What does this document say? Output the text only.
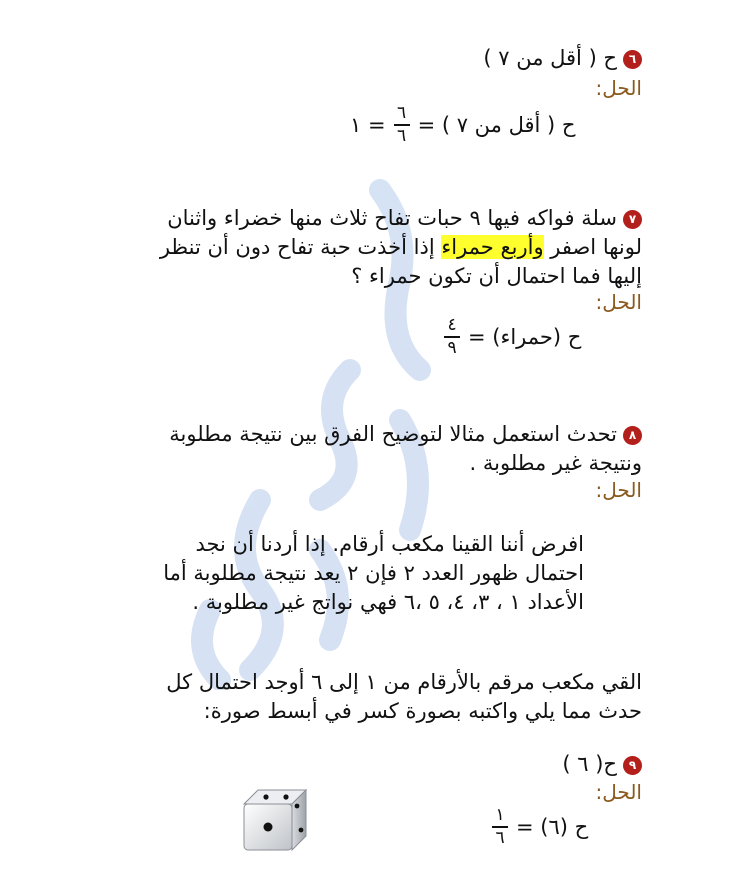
٦ح ( أقل من ٧ )
الحل:
ح ( أقل من ٧ ) =
$\frac{٦}{٦}$
= ١
٧سلة فواكه فيها ٩ حبات تفاح ثلاث منها خضراء واثنان
لونها اصفر وأربع حمراء إذا أخذت حبة تفاح دون أن تنظر
إليها فما احتمال أن تكون حمراء ؟
الحل:
ح (حمراء) =
$\frac{٤}{٩}$
٨تحدث استعمل مثالا لتوضيح الفرق بين نتيجة مطلوبة
ونتيجة غير مطلوبة .
الحل:
افرض أننا القينا مكعب أرقام. إذا أردنا أن نجد
احتمال ظهور العدد ٢ فإن ٢ يعد نتيجة مطلوبة أما
الأعداد ١ ، ٣، ٤، ٥ ،٦ فهي نواتج غير مطلوبة .
القي مكعب مرقم بالأرقام من ١ إلى ٦ أوجد احتمال كل
حدث مما يلي واكتبه بصورة كسر في أبسط صورة:
٩ح( ٦ )
الحل:
ح (٦) =
$\frac{١}{٦}$
